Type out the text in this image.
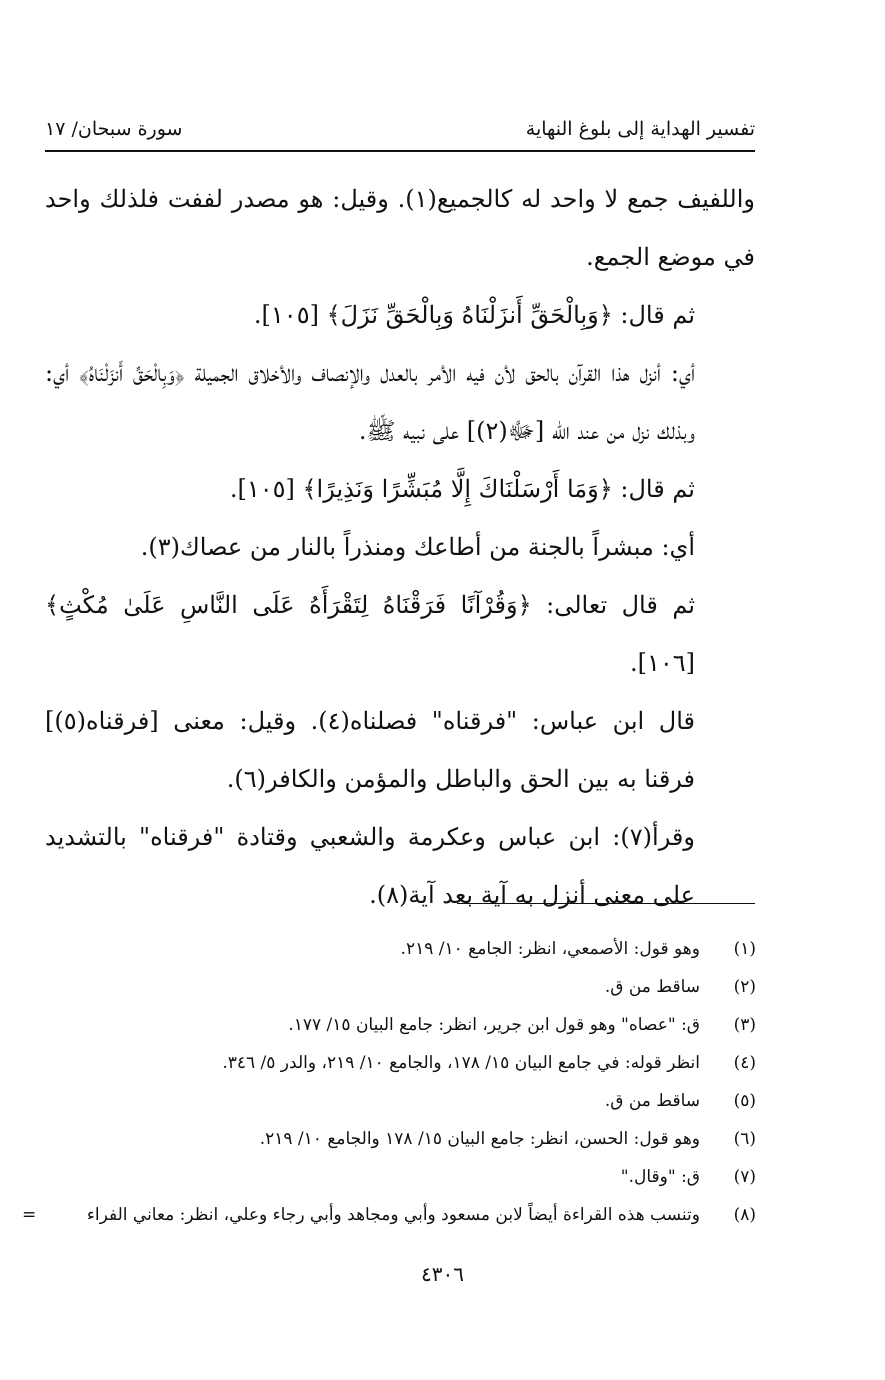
تفسير الهداية إلى بلوغ النهاية
سورة سبحان/ ١٧

واللفيف جمع لا واحد له كالجميع(١). وقيل: هو مصدر لففت فلذلك واحد في موضع الجمع.

ثم قال: ﴿وَبِالْحَقِّ أَنزَلْنَاهُ وَبِالْحَقِّ نَزَلَ﴾ [١٠٥].

أي: أنزل هذا القرآن بالحق لأن فيه الأمر بالعدل والإنصاف والأخلاق الجميلة ﴿وَبِالْحَقِّ أَنزَلْنَاهُ﴾ أي: وبذلك نزل من عند الله [ﷻ(٢)] على نبيه ﷺ.

ثم قال: ﴿وَمَا أَرْسَلْنَاكَ إِلَّا مُبَشِّرًا وَنَذِيرًا﴾ [١٠٥].

أي: مبشراً بالجنة من أطاعك ومنذراً بالنار من عصاك(٣).

ثم قال تعالى: ﴿وَقُرْآنًا فَرَقْنَاهُ لِتَقْرَأَهُ عَلَى النَّاسِ عَلَىٰ مُكْثٍ﴾ [١٠٦].

قال ابن عباس: "فرقناه" فصلناه(٤). وقيل: معنى [فرقناه(٥)] فرقنا به بين الحق والباطل والمؤمن والكافر(٦).

وقرأ(٧): ابن عباس وعكرمة والشعبي وقتادة "فرقناه" بالتشديد على معنى أنزل به آية بعد آية(٨).

(١)
وهو قول: الأصمعي، انظر: الجامع ١٠/ ٢١٩.
(٢)
ساقط من ق.
(٣)
ق: "عصاه" وهو قول ابن جرير، انظر: جامع البيان ١٥/ ١٧٧.
(٤)
انظر قوله: في جامع البيان ١٥/ ١٧٨، والجامع ١٠/ ٢١٩، والدر ٥/ ٣٤٦.
(٥)
ساقط من ق.
(٦)
وهو قول: الحسن، انظر: جامع البيان ١٥/ ١٧٨ والجامع ١٠/ ٢١٩.
(٧)
ق: "وقال."
(٨)
وتنسب هذه القراءة أيضاً لابن مسعود وأبي ومجاهد وأبي رجاء وعلي، انظر: معاني الفراء
=
٤٣٠٦
